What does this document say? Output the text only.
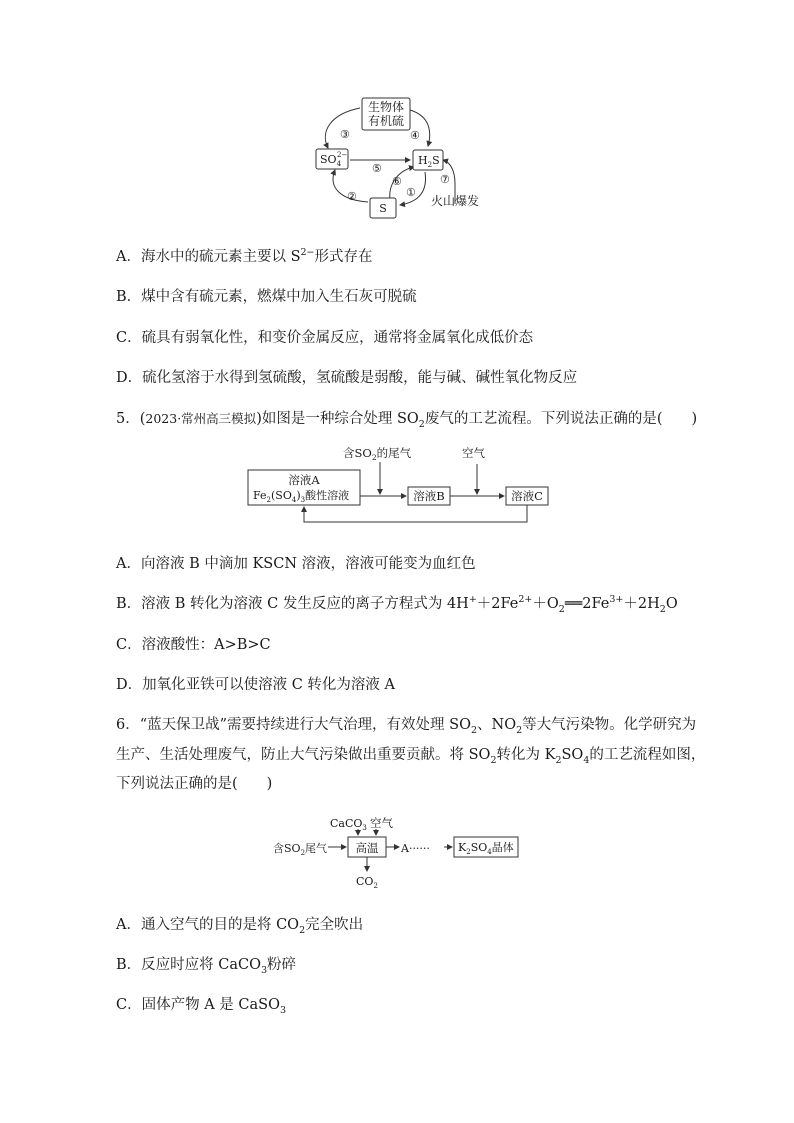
生物体
有机硫
$SO_42-$	$H_2S$
S
③	④
⑤
②
⑥
①
⑦
火山爆发
A．海水中的硫元素主要以 $S^{2-}$形式存在
B．煤中含有硫元素，燃煤中加入生石灰可脱硫
C．硫具有弱氧化性，和变价金属反应，通常将金属氧化成低价态
D．硫化氢溶于水得到氢硫酸，氢硫酸是弱酸，能与碱、碱性氧化物反应
5．(2023·常州高三模拟)如图是一种综合处理 $SO_2$废气的工艺流程。下列说法正确的是(　　)
含$SO_2$的尾气	空气
溶液A
$Fe_2(SO_4)_3$酸性溶液	溶液B	溶液C
A．向溶液 B 中滴加 KSCN 溶液，溶液可能变为血红色
B．溶液 B 转化为溶液 C 发生反应的离子方程式为 $4H^++2Fe^{2+}+O_2══2Fe^{3+}+2H_2O$
C．溶液酸性：A>B>C
D．加氧化亚铁可以使溶液 C 转化为溶液 A
6．“蓝天保卫战”需要持续进行大气治理，有效处理 $SO_2$、$NO_2$等大气污染物。化学研究为
生产、生活处理废气，防止大气污染做出重要贡献。将 $SO_2$转化为 $K_2SO_4$的工艺流程如图，
下列说法正确的是(　　)
CaCO$_3$ 空气
含$SO_2$尾气 高温 A······	$K_2SO_4$晶体
$CO_2$
A．通入空气的目的是将 $CO_2$完全吹出
B．反应时应将 CaCO$_3$粉碎
C．固体产物 A 是 CaSO$_3$
